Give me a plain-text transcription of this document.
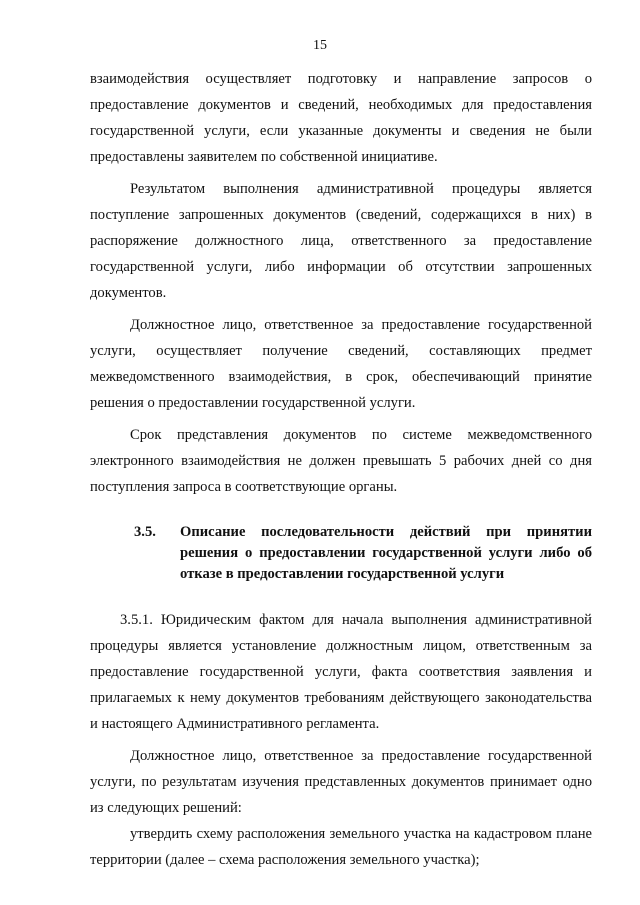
15

взаимодействия осуществляет подготовку и направление запросов о предоставление документов и сведений, необходимых для предоставления государственной услуги, если указанные документы и сведения не были предоставлены заявителем по собственной инициативе.

Результатом выполнения административной процедуры является поступление запрошенных документов (сведений, содержащихся в них) в распоряжение должностного лица, ответственного за предоставление государственной услуги, либо информации об отсутствии запрошенных документов.

Должностное лицо, ответственное за предоставление государственной услуги, осуществляет получение сведений, составляющих предмет межведомственного взаимодействия, в срок, обеспечивающий принятие решения о предоставлении государственной услуги.

Срок представления документов по системе межведомственного электронного взаимодействия не должен превышать 5 рабочих дней со дня поступления запроса в соответствующие органы.

3.5.	Описание последовательности действий при принятии решения о предоставлении государственной услуги либо об отказе в предоставлении государственной услуги

3.5.1. Юридическим фактом для начала выполнения административной процедуры является установление должностным лицом, ответственным за предоставление государственной услуги, факта соответствия заявления и прилагаемых к нему документов требованиям действующего законодательства и настоящего Административного регламента.

Должностное лицо, ответственное за предоставление государственной услуги, по результатам изучения представленных документов принимает одно из следующих решений:

утвердить схему расположения земельного участка на кадастровом плане территории (далее – схема расположения земельного участка);
